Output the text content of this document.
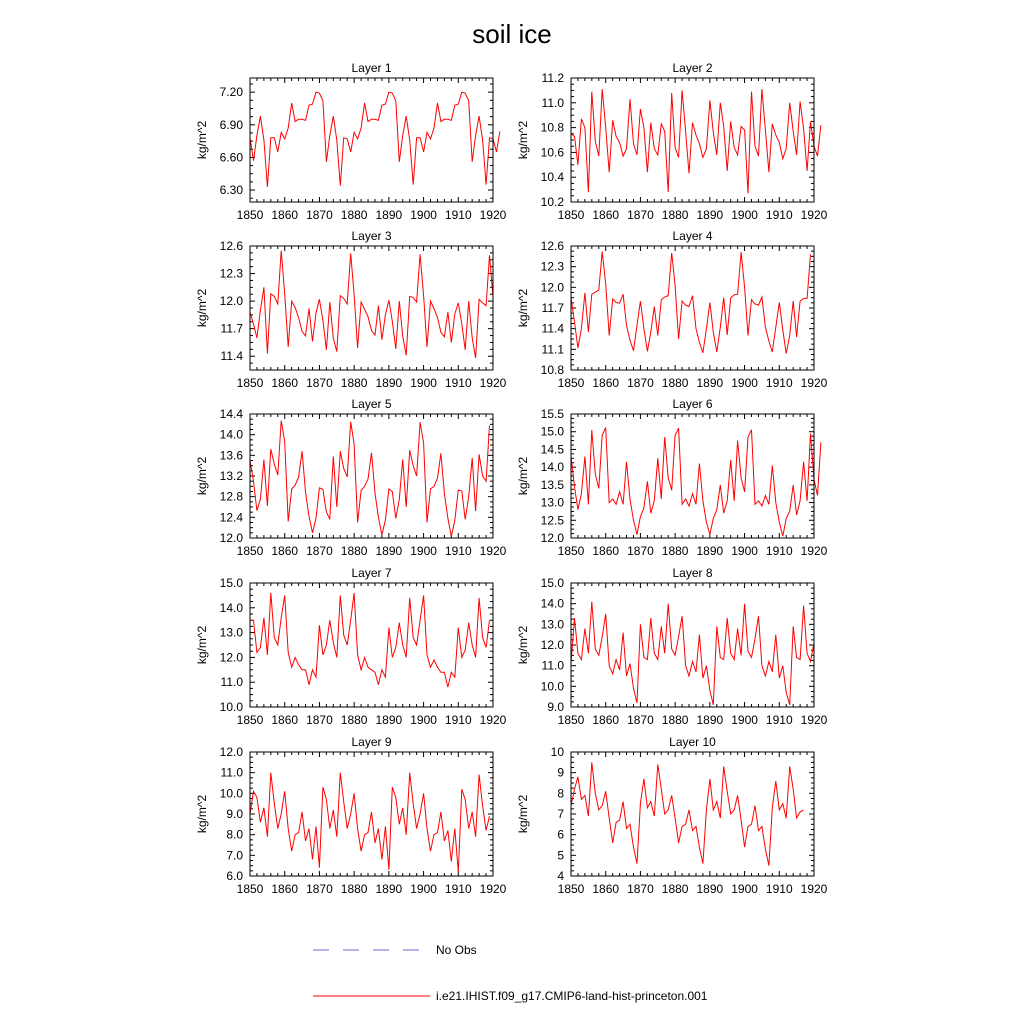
soil ice
Layer 1
kg/m^2
1850 1860 1870 1880 1890 1900 1910 1920
6.30
6.60
6.90
7.20
Layer 2
kg/m^2
1850 1860 1870 1880 1890 1900 1910 1920
10.2
10.4
10.6
10.8
11.0
11.2
Layer 3
kg/m^2
1850 1860 1870 1880 1890 1900 1910 1920
11.4
11.7
12.0
12.3
12.6
Layer 4
kg/m^2
1850 1860 1870 1880 1890 1900 1910 1920
10.8
11.1
11.4
11.7
12.0
12.3
12.6
Layer 5
kg/m^2
1850 1860 1870 1880 1890 1900 1910 1920
12.0
12.4
12.8
13.2
13.6
14.0
14.4
Layer 6
kg/m^2
1850 1860 1870 1880 1890 1900 1910 1920
12.0
12.5
13.0
13.5
14.0
14.5
15.0
15.5
Layer 7
kg/m^2
1850 1860 1870 1880 1890 1900 1910 1920
10.0
11.0
12.0
13.0
14.0
15.0
Layer 8
kg/m^2
1850 1860 1870 1880 1890 1900 1910 1920
9.0
10.0
11.0
12.0
13.0
14.0
15.0
Layer 9
kg/m^2
1850 1860 1870 1880 1890 1900 1910 1920
6.0
7.0
8.0
9.0
10.0
11.0
12.0
Layer 10
kg/m^2
1850 1860 1870 1880 1890 1900 1910 1920
4
5
6
7
8
9
10
No Obs
i.e21.IHIST.f09_g17.CMIP6-land-hist-princeton.001
